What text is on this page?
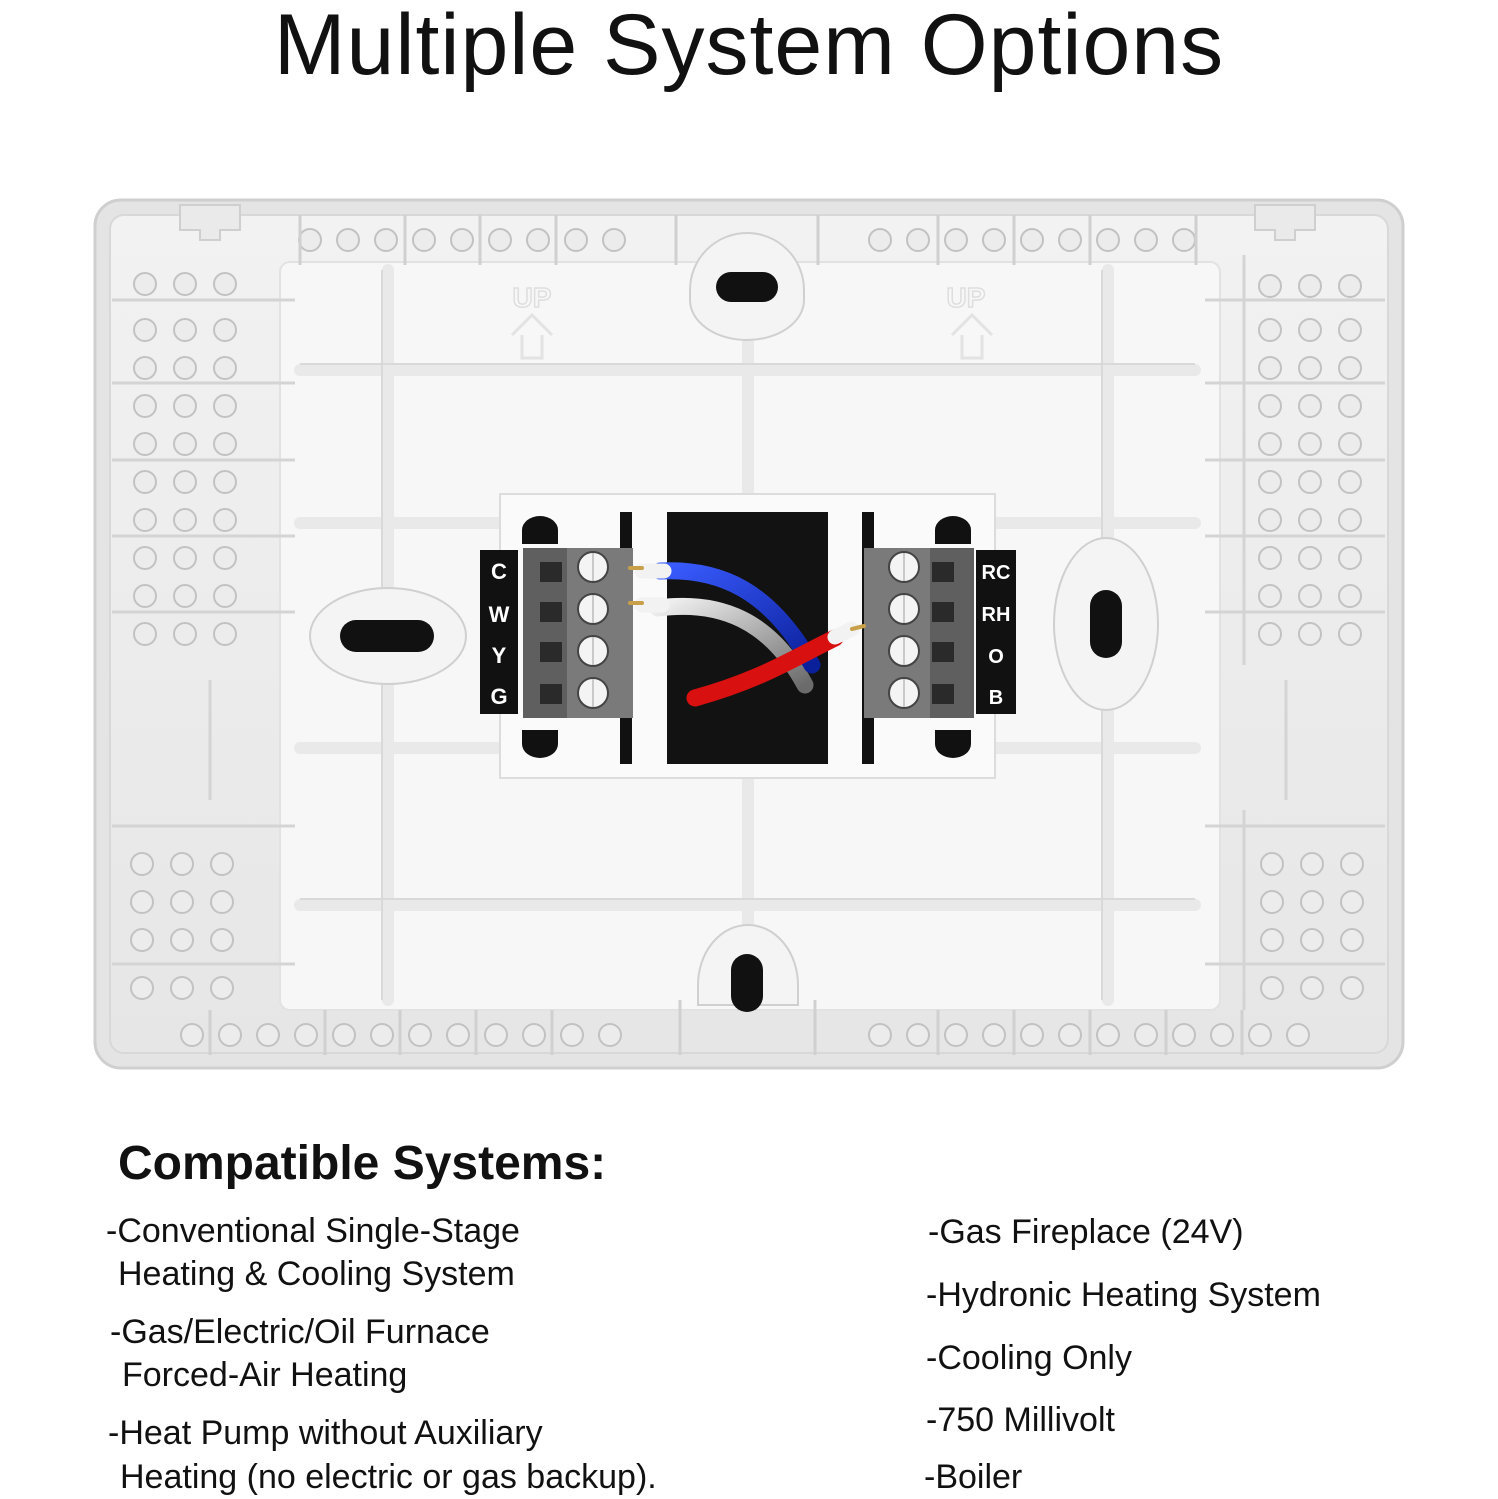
Multiple System Options
UP	UP
C
W
Y
G
RC
RH
O
B
Compatible Systems:
-Conventional Single-Stage
Heating & Cooling System
-Gas/Electric/Oil Furnace
Forced-Air Heating
-Heat Pump without Auxiliary
Heating (no electric or gas backup).
-Gas Fireplace (24V)
-Hydronic Heating System
-Cooling Only
-750 Millivolt
-Boiler
